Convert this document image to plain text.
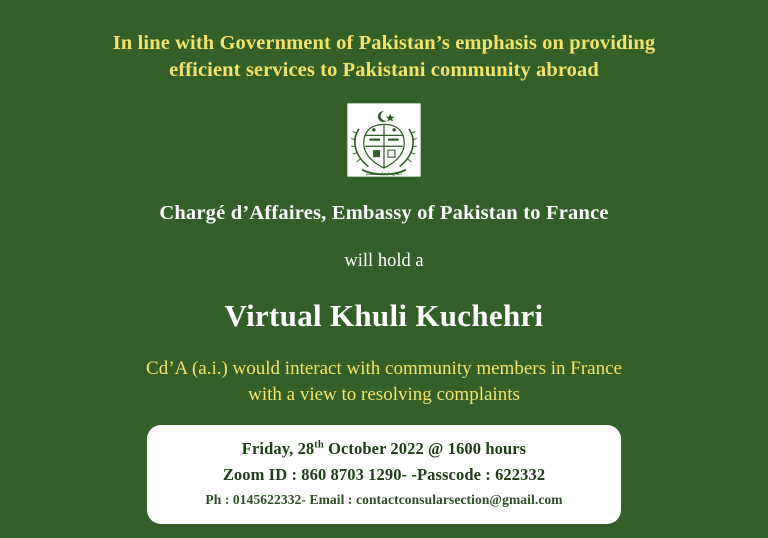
In line with Government of Pakistan’s emphasis on providing
efficient services to Pakistani community abroad
ایمان، اتحاد، تنظیم
Chargé d’Affaires, Embassy of Pakistan to France
will hold a
Virtual Khuli Kuchehri
Cd’A (a.i.) would interact with community members in France
with a view to resolving complaints
Friday, 28th October 2022 @ 1600 hours
Zoom ID : 860 8703 1290- -Passcode : 622332
Ph : 0145622332- Email : contactconsularsection@gmail.com
